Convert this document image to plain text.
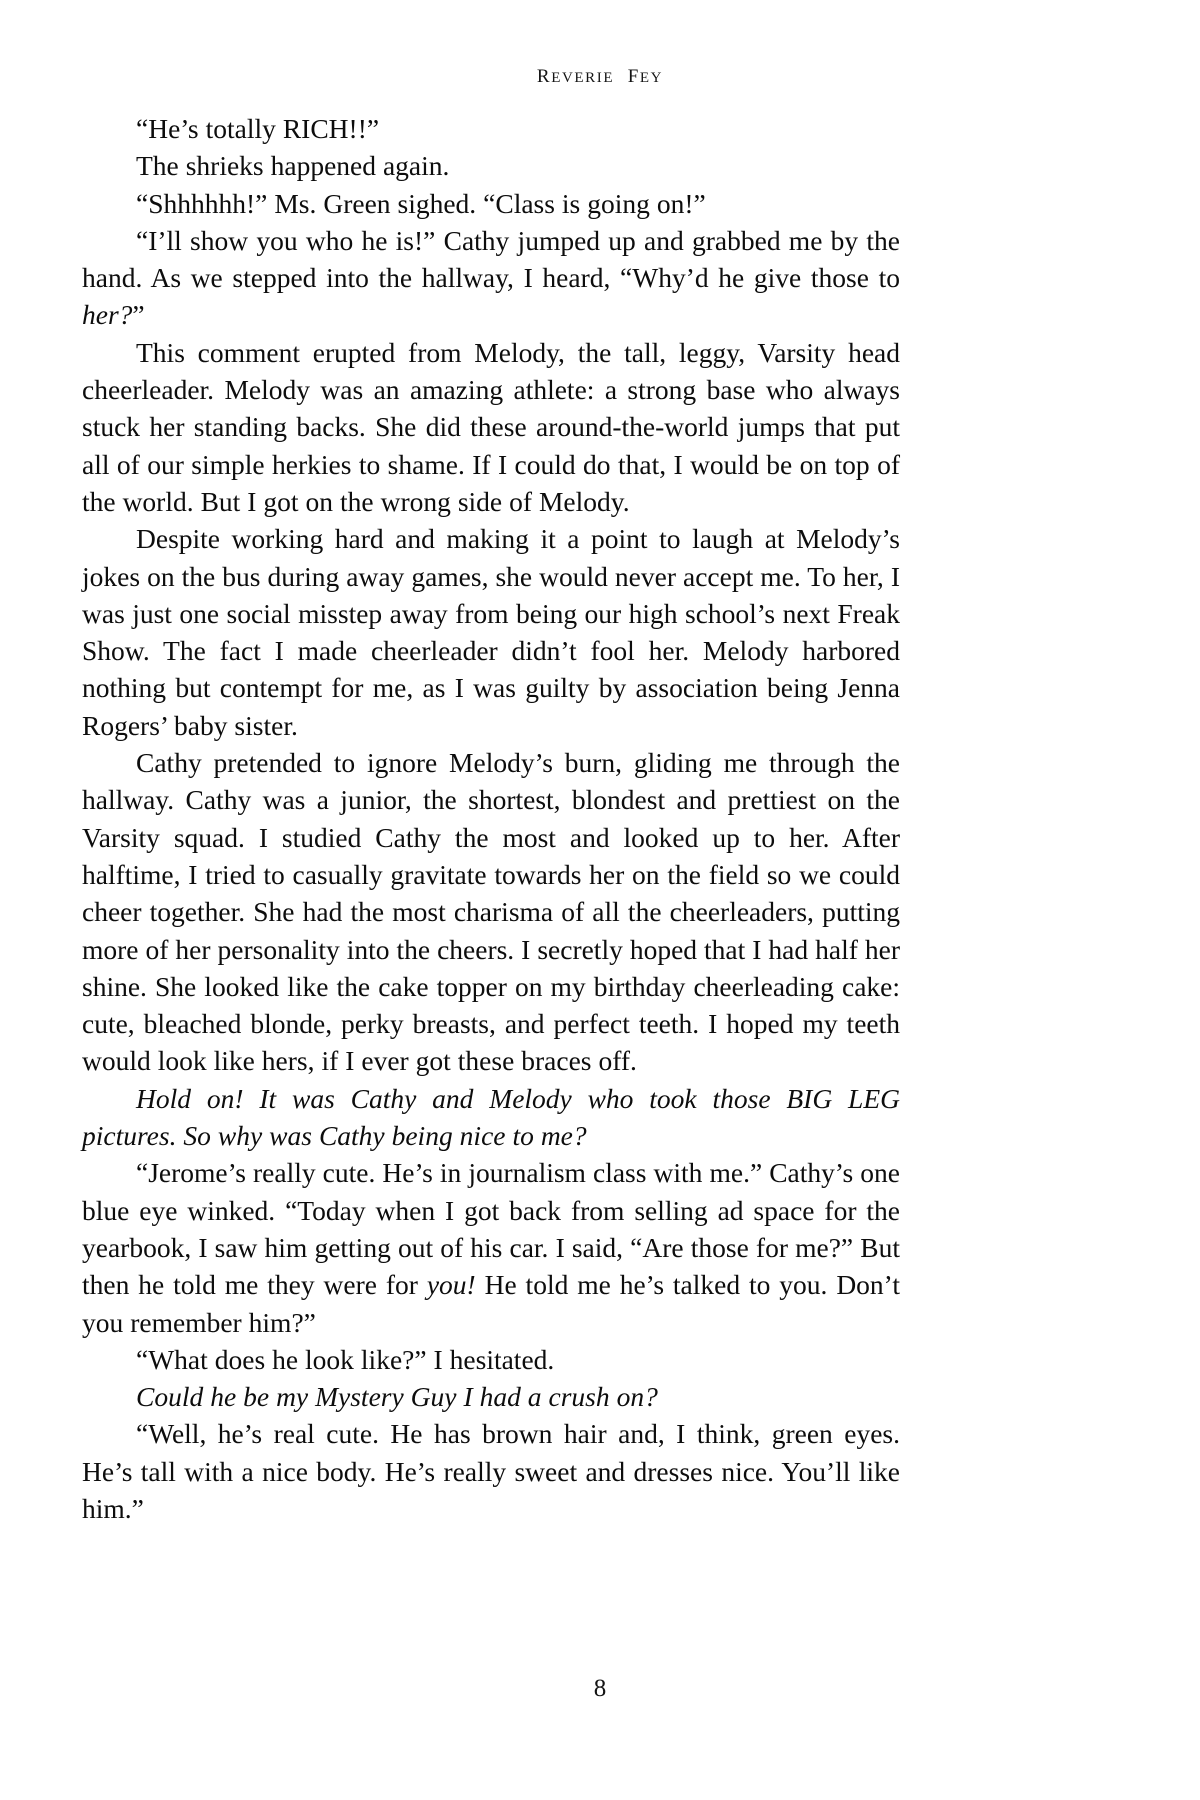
reverie  fey

“He’s totally RICH!!”

The shrieks happened again.

“Shhhhhh!” Ms. Green sighed. “Class is going on!”

“I’ll show you who he is!” Cathy jumped up and grabbed me by the hand. As we stepped into the hallway, I heard, “Why’d he give those to her?”

This comment erupted from Melody, the tall, leggy, Varsity head cheerleader. Melody was an amazing athlete: a strong base who always stuck her standing backs. She did these around-the-world jumps that put all of our simple herkies to shame. If I could do that, I would be on top of the world. But I got on the wrong side of Melody.

Despite working hard and making it a point to laugh at Melody’s jokes on the bus during away games, she would never accept me. To her, I was just one social misstep away from being our high school’s next Freak Show. The fact I made cheerleader didn’t fool her. Melody harbored nothing but contempt for me, as I was guilty by association being Jenna Rogers’ baby sister.

Cathy pretended to ignore Melody’s burn, gliding me through the hallway. Cathy was a junior, the shortest, blondest and prettiest on the Varsity squad. I studied Cathy the most and looked up to her. After halftime, I tried to casually gravitate towards her on the field so we could cheer together. She had the most charisma of all the cheerleaders, putting more of her personality into the cheers. I secretly hoped that I had half her shine. She looked like the cake topper on my birthday cheerleading cake: cute, bleached blonde, perky breasts, and perfect teeth. I hoped my teeth would look like hers, if I ever got these braces off.

Hold on! It was Cathy and Melody who took those BIG LEG pictures. So why was Cathy being nice to me?

“Jerome’s really cute. He’s in journalism class with me.” Cathy’s one blue eye winked. “Today when I got back from selling ad space for the yearbook, I saw him getting out of his car. I said, “Are those for me?” But then he told me they were for you! He told me he’s talked to you. Don’t you remember him?”

“What does he look like?” I hesitated.

Could he be my Mystery Guy I had a crush on?

“Well, he’s real cute. He has brown hair and, I think, green eyes. He’s tall with a nice body. He’s really sweet and dresses nice. You’ll like him.”

8
